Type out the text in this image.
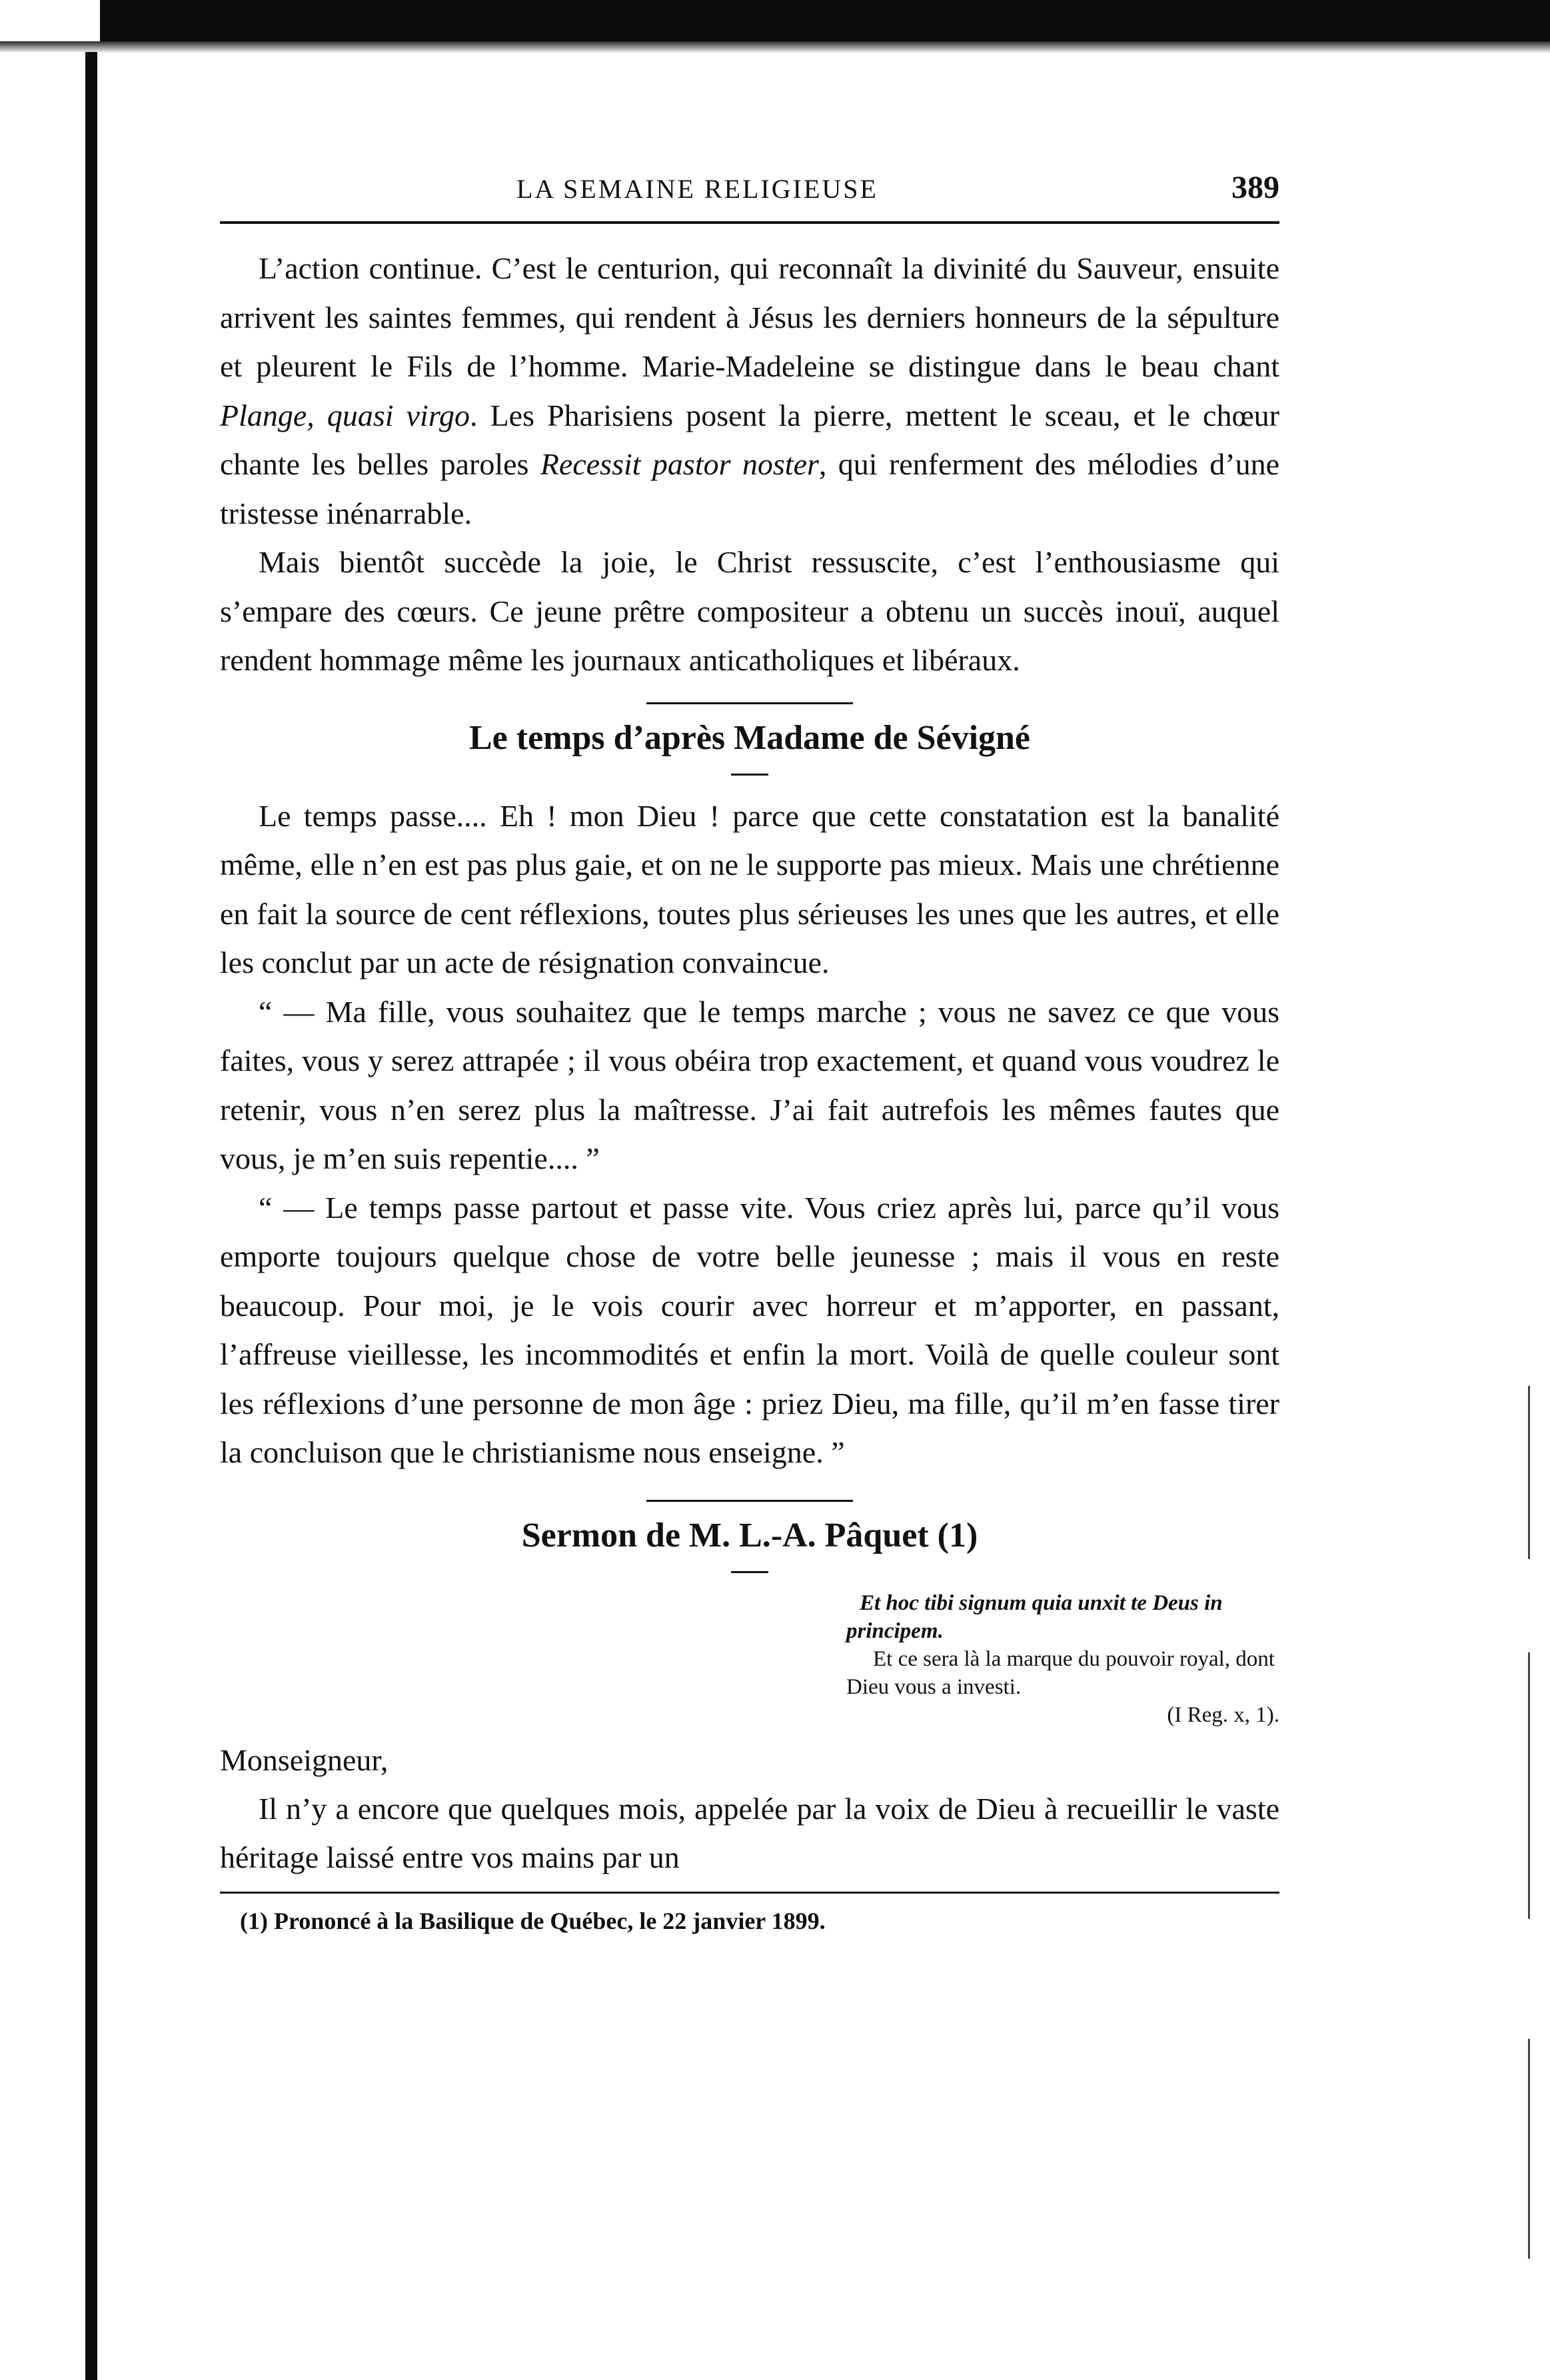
LA SEMAINE RELIGIEUSE	389

L’action continue. C’est le centurion, qui reconnaît la divinité du Sauveur, ensuite arrivent les saintes femmes, qui rendent à Jésus les derniers honneurs de la sépulture et pleurent le Fils de l’homme. Marie-Madeleine se distingue dans le beau chant Plange, quasi virgo. Les Pharisiens posent la pierre, mettent le sceau, et le chœur chante les belles paroles Recessit pastor noster, qui renferment des mélodies d’une tristesse inénarrable.

Mais bientôt succède la joie, le Christ ressuscite, c’est l’enthousiasme qui s’empare des cœurs. Ce jeune prêtre compositeur a obtenu un succès inouï, auquel rendent hommage même les journaux anticatholiques et libéraux.

Le temps d’après Madame de Sévigné

Le temps passe.... Eh ! mon Dieu ! parce que cette constatation est la banalité même, elle n’en est pas plus gaie, et on ne le supporte pas mieux. Mais une chrétienne en fait la source de cent réflexions, toutes plus sérieuses les unes que les autres, et elle les conclut par un acte de résignation convaincue.

“ — Ma fille, vous souhaitez que le temps marche ; vous ne savez ce que vous faites, vous y serez attrapée ; il vous obéira trop exactement, et quand vous voudrez le retenir, vous n’en serez plus la maîtresse. J’ai fait autrefois les mêmes fautes que vous, je m’en suis repentie.... ”

“ — Le temps passe partout et passe vite. Vous criez après lui, parce qu’il vous emporte toujours quelque chose de votre belle jeunesse ; mais il vous en reste beaucoup. Pour moi, je le vois courir avec horreur et m’apporter, en passant, l’affreuse vieillesse, les incommodités et enfin la mort. Voilà de quelle couleur sont les réflexions d’une personne de mon âge : priez Dieu, ma fille, qu’il m’en fasse tirer la concluison que le christianisme nous enseigne. ”

Sermon de M. L.-A. Pâquet (1)
Et hoc tibi signum quia unxit te Deus in principem.
Et ce sera là la marque du pouvoir royal, dont Dieu vous a investi.
(I Reg. x, 1).

Monseigneur,

Il n’y a encore que quelques mois, appelée par la voix de Dieu à recueillir le vaste héritage laissé entre vos mains par un

(1) Prononcé à la Basilique de Québec, le 22 janvier 1899.
